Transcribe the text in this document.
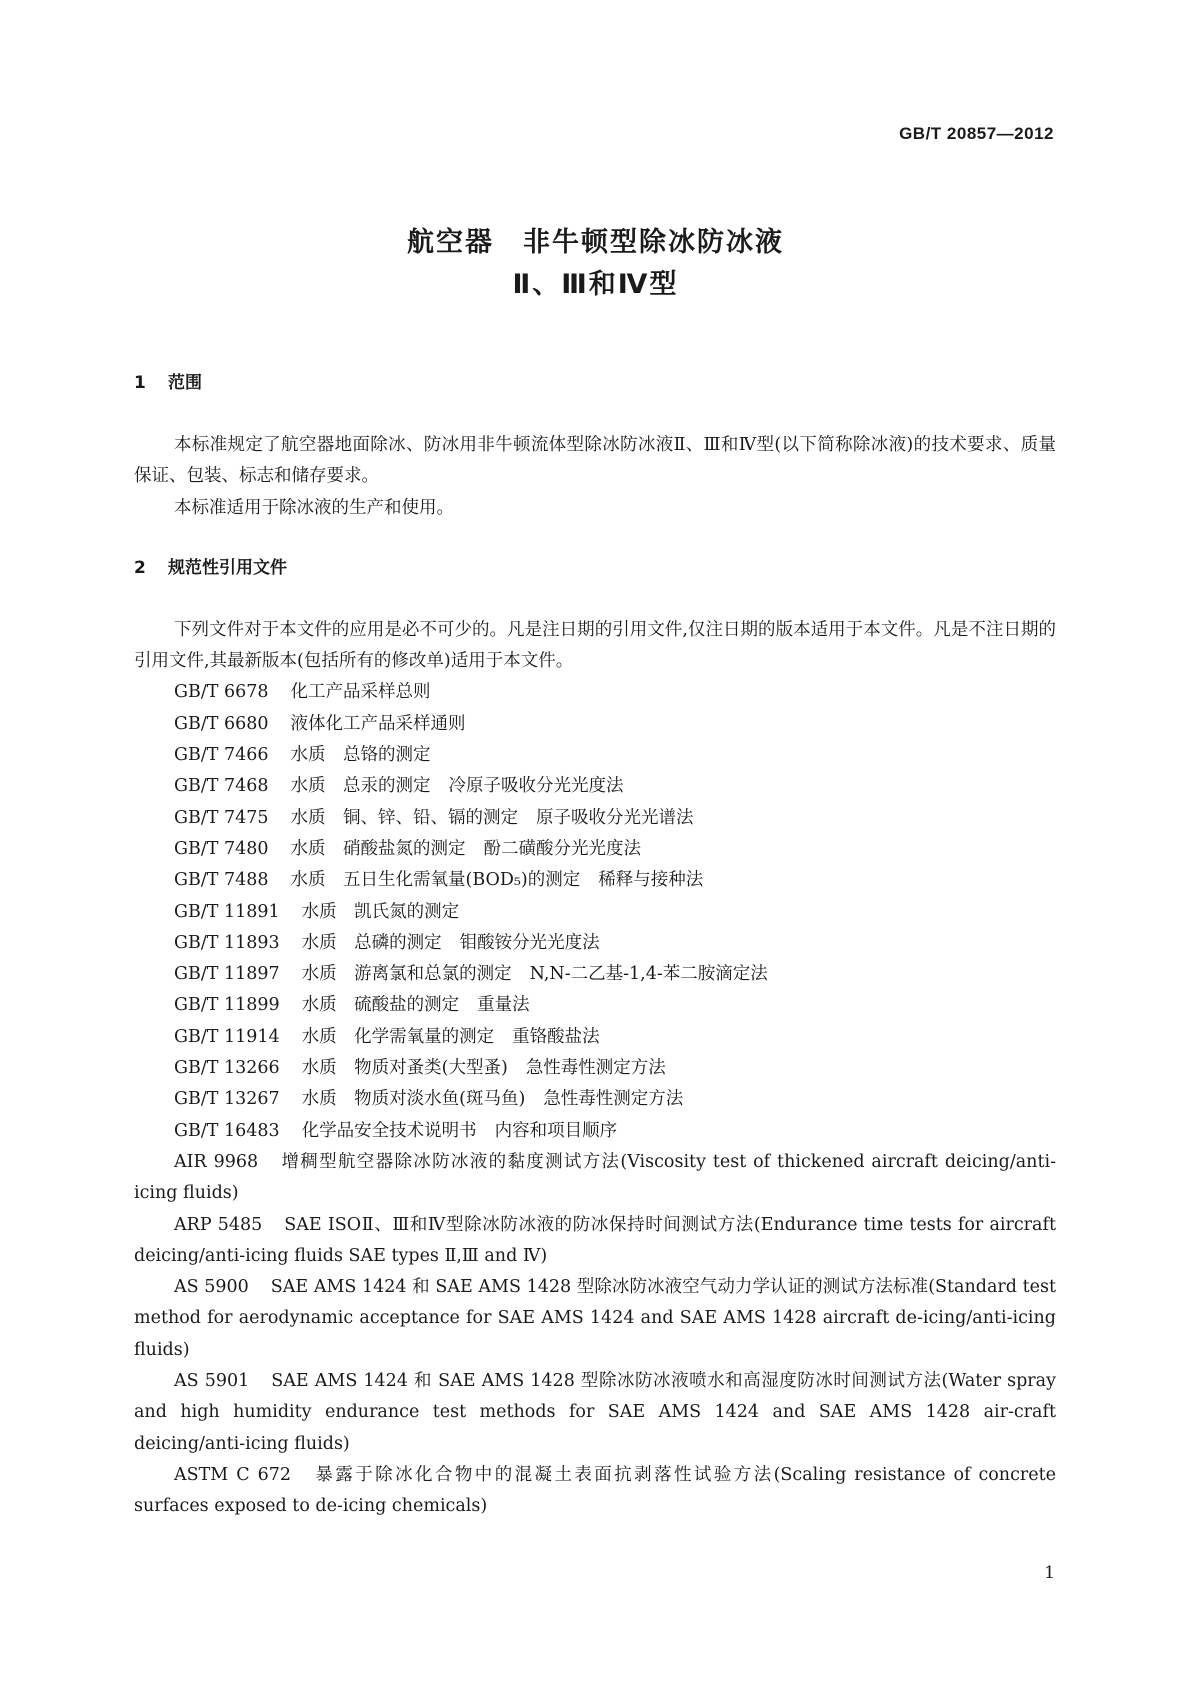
GB/T 20857—2012
航空器　非牛顿型除冰防冰液
Ⅱ、Ⅲ和Ⅳ型
1 范围

本标准规定了航空器地面除冰、防冰用非牛顿流体型除冰防冰液Ⅱ、Ⅲ和Ⅳ型(以下简称除冰液)的技术要求、质量保证、包装、标志和储存要求。

本标准适用于除冰液的生产和使用。

2 规范性引用文件

下列文件对于本文件的应用是必不可少的。凡是注日期的引用文件,仅注日期的版本适用于本文件。凡是不注日期的引用文件,其最新版本(包括所有的修改单)适用于本文件。

GB/T 6678 化工产品采样总则
GB/T 6680 液体化工产品采样通则
GB/T 7466 水质　总铬的测定
GB/T 7468 水质　总汞的测定 冷原子吸收分光光度法
GB/T 7475 水质　铜、锌、铅、镉的测定 原子吸收分光光谱法
GB/T 7480 水质　硝酸盐氮的测定 酚二磺酸分光光度法
GB/T 7488 水质　五日生化需氧量(BOD₅)的测定 稀释与接种法
GB/T 11891 水质　凯氏氮的测定
GB/T 11893 水质　总磷的测定 钼酸铵分光光度法
GB/T 11897 水质　游离氯和总氯的测定 N,N-二乙基-1,4-苯二胺滴定法
GB/T 11899 水质　硫酸盐的测定 重量法
GB/T 11914 水质　化学需氧量的测定 重铬酸盐法
GB/T 13266 水质　物质对蚤类(大型蚤) 急性毒性测定方法
GB/T 13267 水质　物质对淡水鱼(斑马鱼) 急性毒性测定方法
GB/T 16483 化学品安全技术说明书 内容和项目顺序

AIR 9968 增稠型航空器除冰防冰液的黏度测试方法(Viscosity test of thickened aircraft deicing/anti-icing fluids)

ARP 5485 SAE ISOⅡ、Ⅲ和Ⅳ型除冰防冰液的防冰保持时间测试方法(Endurance time tests for aircraft deicing/anti-icing fluids SAE types Ⅱ,Ⅲ and Ⅳ)

AS 5900 SAE AMS 1424 和 SAE AMS 1428 型除冰防冰液空气动力学认证的测试方法标准(Standard test method for aerodynamic acceptance for SAE AMS 1424 and SAE AMS 1428 aircraft de-icing/anti-icing fluids)

AS 5901 SAE AMS 1424 和 SAE AMS 1428 型除冰防冰液喷水和高湿度防冰时间测试方法(Water spray and high humidity endurance test methods for SAE AMS 1424 and SAE AMS 1428 air-craft deicing/anti-icing fluids)

ASTM C 672 暴露于除冰化合物中的混凝土表面抗剥落性试验方法(Scaling resistance of concrete surfaces exposed to de-icing chemicals)

1
